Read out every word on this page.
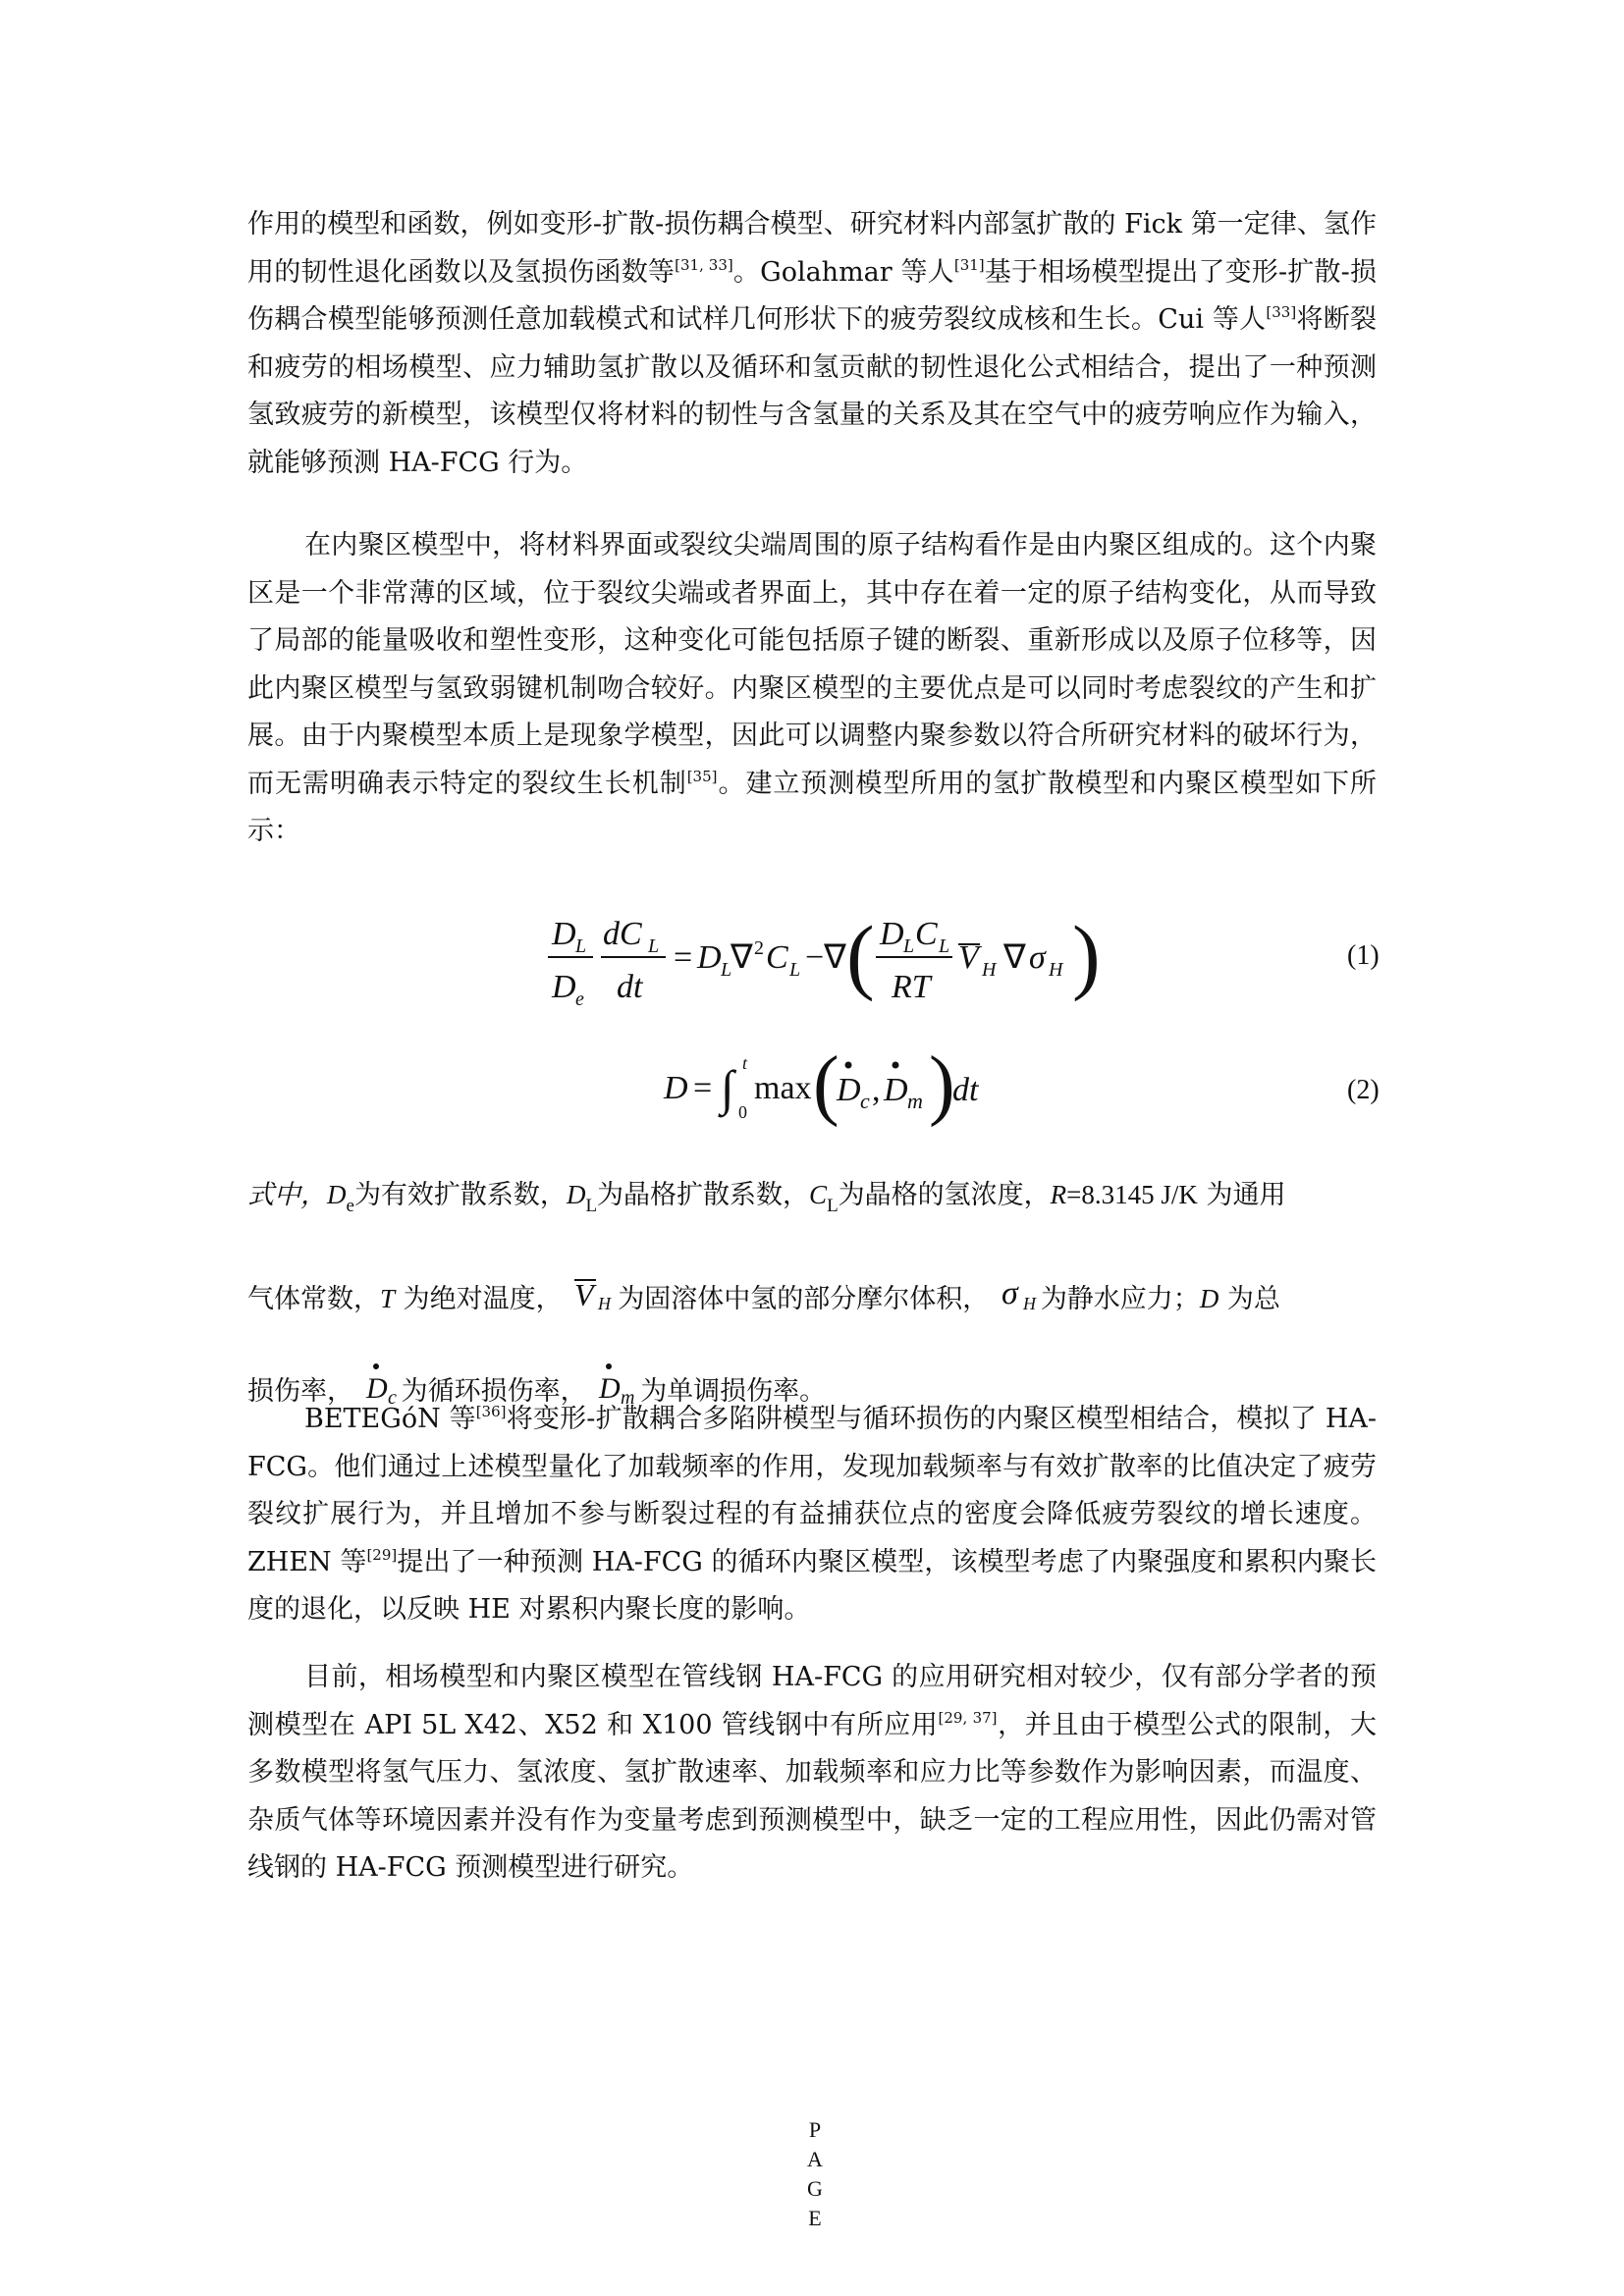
作用的模型和函数，例如变形-扩散-损伤耦合模型、研究材料内部氢扩散的 Fick 第一定律、氢作用的韧性退化函数以及氢损伤函数等[31, 33]。Golahmar 等人[31]基于相场模型提出了变形-扩散-损伤耦合模型能够预测任意加载模式和试样几何形状下的疲劳裂纹成核和生长。Cui 等人[33]将断裂和疲劳的相场模型、应力辅助氢扩散以及循环和氢贡献的韧性退化公式相结合，提出了一种预测氢致疲劳的新模型，该模型仅将材料的韧性与含氢量的关系及其在空气中的疲劳响应作为输入，就能够预测 HA-FCG 行为。

在内聚区模型中，将材料界面或裂纹尖端周围的原子结构看作是由内聚区组成的。这个内聚区是一个非常薄的区域，位于裂纹尖端或者界面上，其中存在着一定的原子结构变化，从而导致了局部的能量吸收和塑性变形，这种变化可能包括原子键的断裂、重新形成以及原子位移等，因此内聚区模型与氢致弱键机制吻合较好。内聚区模型的主要优点是可以同时考虑裂纹的产生和扩展。由于内聚模型本质上是现象学模型，因此可以调整内聚参数以符合所研究材料的破坏行为，而无需明确表示特定的裂纹生长机制[35]。建立预测模型所用的氢扩散模型和内聚区模型如下所示：

D L
D e
dC L
dt
= D L
∇ 2 C L −∇ ( D L C L
RT
V H ∇ σ H )	(1)
D = ∫ 0
t
max (
D c , D m )
dt	(2)
式中，$D_e$为有效扩散系数，$D_L$为晶格扩散系数，$C_L$为晶格的氢浓度，R=8.3145 J/K 为通用
气体常数，T 为绝对温度， V H 为固溶体中氢的部分摩尔体积， σ H 为静水应力；D 为总
损伤率， D c 为循环损伤率， D m 为单调损伤率。

BETEGóN 等[36]将变形-扩散耦合多陷阱模型与循环损伤的内聚区模型相结合，模拟了 HA-FCG。他们通过上述模型量化了加载频率的作用，发现加载频率与有效扩散率的比值决定了疲劳裂纹扩展行为，并且增加不参与断裂过程的有益捕获位点的密度会降低疲劳裂纹的增长速度。ZHEN 等[29]提出了一种预测 HA-FCG 的循环内聚区模型，该模型考虑了内聚强度和累积内聚长度的退化，以反映 HE 对累积内聚长度的影响。

目前，相场模型和内聚区模型在管线钢 HA-FCG 的应用研究相对较少，仅有部分学者的预测模型在 API 5L X42、X52 和 X100 管线钢中有所应用[29, 37]，并且由于模型公式的限制，大多数模型将氢气压力、氢浓度、氢扩散速率、加载频率和应力比等参数作为影响因素，而温度、杂质气体等环境因素并没有作为变量考虑到预测模型中，缺乏一定的工程应用性，因此仍需对管线钢的 HA-FCG 预测模型进行研究。

P
A
G
E
